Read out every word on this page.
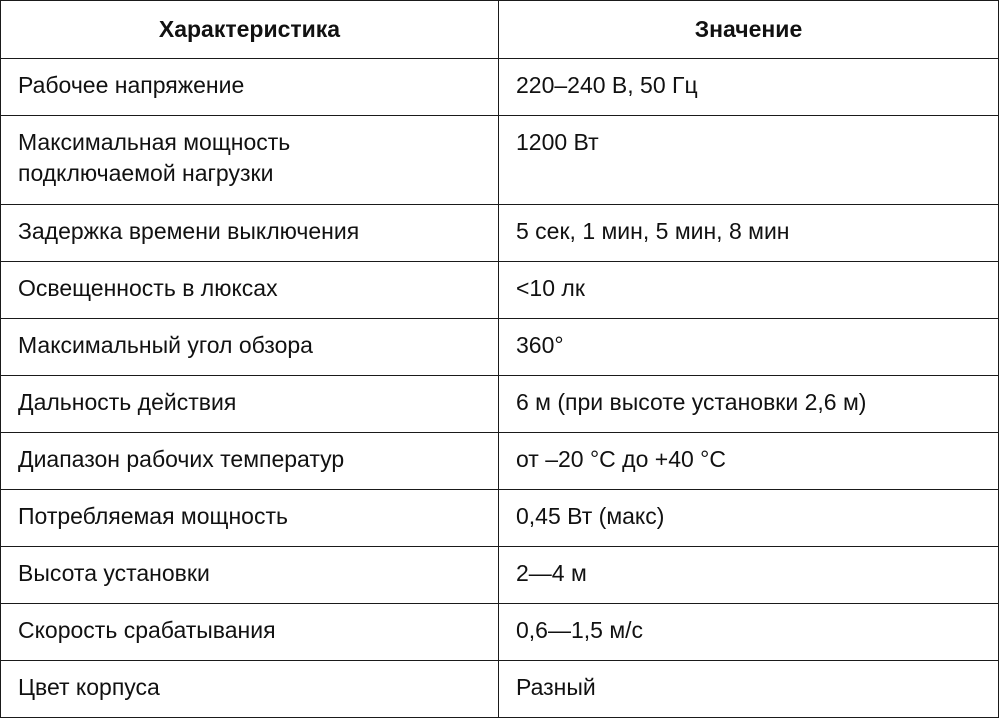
Характеристика	Значение
Рабочее напряжение	220–240 В, 50 Гц

Максимальная мощность подключаемой нагрузки	1200 Вт
Задержка времени выключения	5 сек, 1 мин, 5 мин, 8 мин
Освещенность в люксах	<10 лк
Максимальный угол обзора	360°
Дальность действия	6 м (при высоте установки 2,6 м)
Диапазон рабочих температур	от –20 °С до +40 °С
Потребляемая мощность	0,45 Вт (макс)
Высота установки	2—4 м
Скорость срабатывания	0,6—1,5 м/с
Цвет корпуса	Разный
